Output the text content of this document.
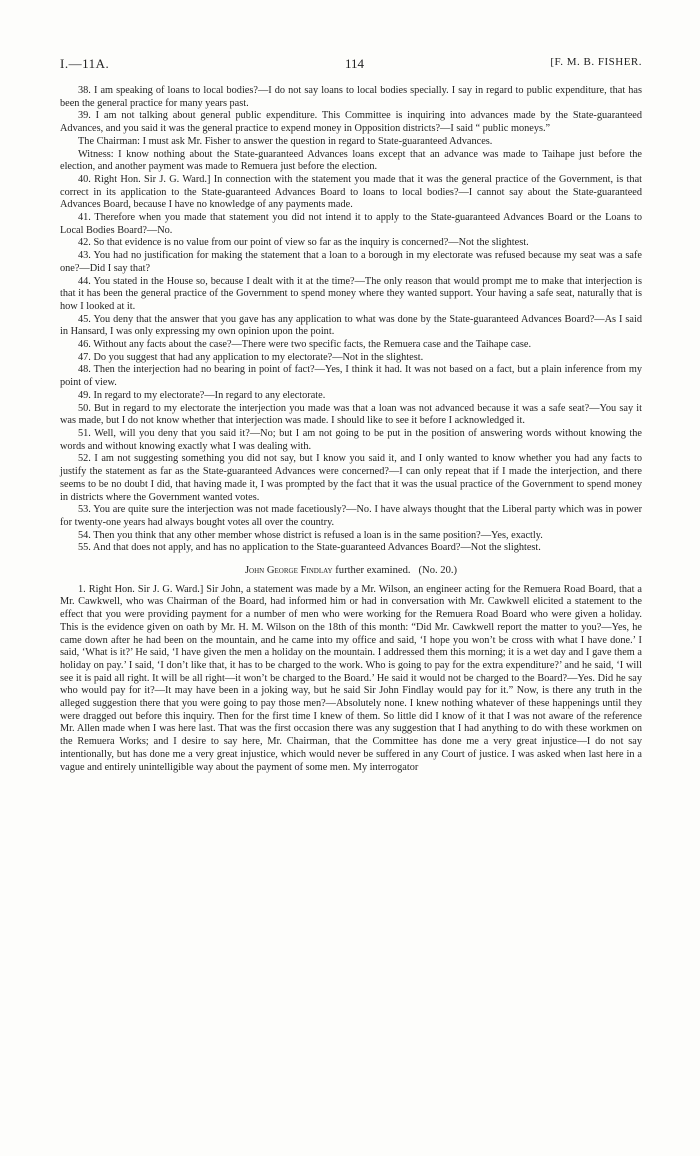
I.—11A.	114	[F. M. B. FISHER.

38. I am speaking of loans to local bodies?—I do not say loans to local bodies specially. I say in regard to public expenditure, that has been the general practice for many years past.

39. I am not talking about general public expenditure. This Committee is inquiring into advances made by the State-guaranteed Advances, and you said it was the general practice to expend money in Opposition districts?—I said “ public moneys.”

The Chairman: I must ask Mr. Fisher to answer the question in regard to State-guaranteed Advances.

Witness: I know nothing about the State-guaranteed Advances loans except that an advance was made to Taihape just before the election, and another payment was made to Remuera just before the election.

40. Right Hon. Sir J. G. Ward.] In connection with the statement you made that it was the general practice of the Government, is that correct in its application to the State-guaranteed Advances Board to loans to local bodies?—I cannot say about the State-guaranteed Advances Board, because I have no knowledge of any payments made.

41. Therefore when you made that statement you did not intend it to apply to the State-guaranteed Advances Board or the Loans to Local Bodies Board?—No.

42. So that evidence is no value from our point of view so far as the inquiry is concerned?—Not the slightest.

43. You had no justification for making the statement that a loan to a borough in my electorate was refused because my seat was a safe one?—Did I say that?

44. You stated in the House so, because I dealt with it at the time?—The only reason that would prompt me to make that interjection is that it has been the general practice of the Government to spend money where they wanted support. Your having a safe seat, naturally that is how I looked at it.

45. You deny that the answer that you gave has any application to what was done by the State-guaranteed Advances Board?—As I said in Hansard, I was only expressing my own opinion upon the point.

46. Without any facts about the case?—There were two specific facts, the Remuera case and the Taihape case.

47. Do you suggest that had any application to my electorate?—Not in the slightest.

48. Then the interjection had no bearing in point of fact?—Yes, I think it had. It was not based on a fact, but a plain inference from my point of view.

49. In regard to my electorate?—In regard to any electorate.

50. But in regard to my electorate the interjection you made was that a loan was not advanced because it was a safe seat?—You say it was made, but I do not know whether that interjection was made. I should like to see it before I acknowledged it.

51. Well, will you deny that you said it?—No; but I am not going to be put in the position of answering words without knowing the words and without knowing exactly what I was dealing with.

52. I am not suggesting something you did not say, but I know you said it, and I only wanted to know whether you had any facts to justify the statement as far as the State-guaranteed Advances were concerned?—I can only repeat that if I made the interjection, and there seems to be no doubt I did, that having made it, I was prompted by the fact that it was the usual practice of the Government to spend money in districts where the Government wanted votes.

53. You are quite sure the interjection was not made facetiously?—No. I have always thought that the Liberal party which was in power for twenty-one years had always bought votes all over the country.

54. Then you think that any other member whose district is refused a loan is in the same position?—Yes, exactly.

55. And that does not apply, and has no application to the State-guaranteed Advances Board?—Not the slightest.

John George Findlay further examined. (No. 20.)

1. Right Hon. Sir J. G. Ward.] Sir John, a statement was made by a Mr. Wilson, an engineer acting for the Remuera Road Board, that a Mr. Cawkwell, who was Chairman of the Board, had informed him or had in conversation with Mr. Cawkwell elicited a statement to the effect that you were providing payment for a number of men who were working for the Remuera Road Board who were given a holiday. This is the evidence given on oath by Mr. H. M. Wilson on the 18th of this month: “Did Mr. Cawkwell report the matter to you?—Yes, he came down after he had been on the mountain, and he came into my office and said, ‘I hope you won’t be cross with what I have done.’ I said, ‘What is it?’ He said, ‘I have given the men a holiday on the mountain. I addressed them this morning; it is a wet day and I gave them a holiday on pay.’ I said, ‘I don’t like that, it has to be charged to the work. Who is going to pay for the extra expenditure?’ and he said, ‘I will see it is paid all right. It will be all right—it won’t be charged to the Board.’ He said it would not be charged to the Board?—Yes. Did he say who would pay for it?—It may have been in a joking way, but he said Sir John Findlay would pay for it.” Now, is there any truth in the alleged suggestion there that you were going to pay those men?—Absolutely none. I knew nothing whatever of these happenings until they were dragged out before this inquiry. Then for the first time I knew of them. So little did I know of it that I was not aware of the reference Mr. Allen made when I was here last. That was the first occasion there was any suggestion that I had anything to do with these workmen on the Remuera Works; and I desire to say here, Mr. Chairman, that the Committee has done me a very great injustice—I do not say intentionally, but has done me a very great injustice, which would never be suffered in any Court of justice. I was asked when last here in a vague and entirely unintelligible way about the payment of some men. My interrogator
